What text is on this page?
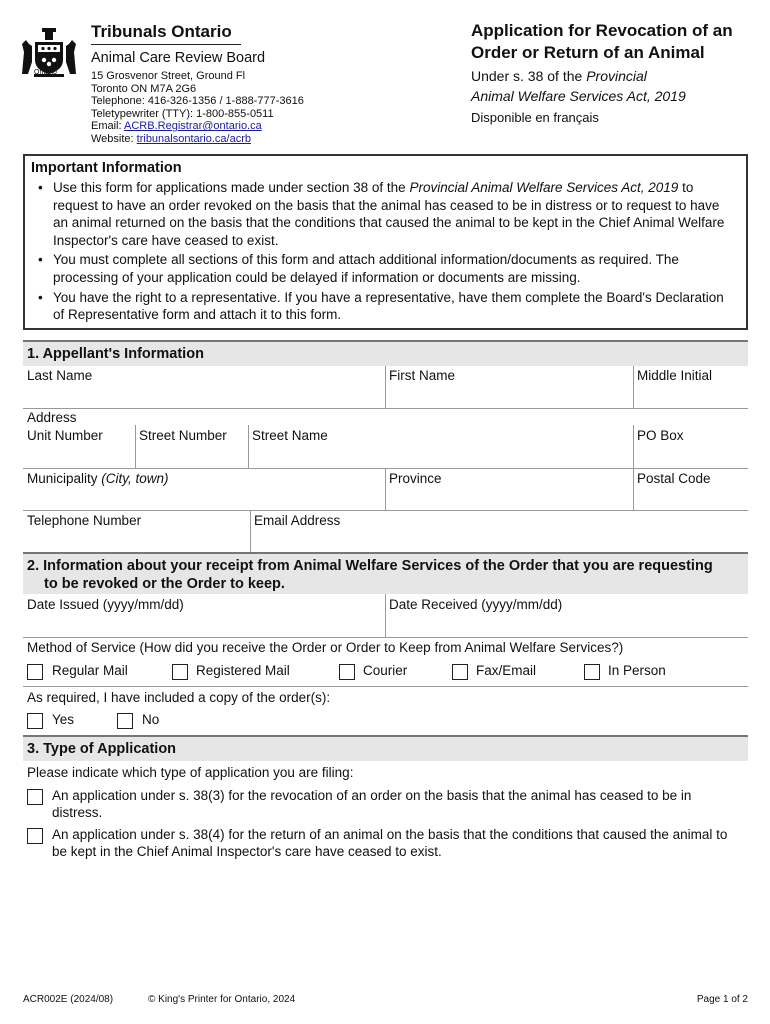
Ontario
Tribunals Ontario
Animal Care Review Board
15 Grosvenor Street, Ground Fl
Toronto ON M7A 2G6
Telephone: 416-326-1356 / 1-888-777-3616
Teletypewriter (TTY): 1-800-855-0511
Email: ACRB.Registrar@ontario.ca
Website: tribunalsontario.ca/acrb
Application for Revocation of an
Order or Return of an Animal
Under s. 38 of the Provincial
Animal Welfare Services Act, 2019
Disponible en français
Important Information
• Use this form for applications made under section 38 of the Provincial Animal Welfare Services Act, 2019 to request to have an order revoked on the basis that the animal has ceased to be in distress or to request to have an animal returned on the basis that the conditions that caused the animal to be kept in the Chief Animal Welfare Inspector's care have ceased to exist.
• You must complete all sections of this form and attach additional information/documents as required. The processing of your application could be delayed if information or documents are missing.
• You have the right to a representative. If you have a representative, have them complete the Board's Declaration of Representative form and attach it to this form.
1. Appellant's Information
Last Name	First Name	Middle Initial
Address
Unit Number	Street Number	Street Name	PO Box
Municipality (City, town)	Province	Postal Code
Telephone Number	Email Address
2. Information about your receipt from Animal Welfare Services of the Order that you are requesting
to be revoked or the Order to keep.
Date Issued (yyyy/mm/dd)	Date Received (yyyy/mm/dd)
Method of Service (How did you receive the Order or Order to Keep from Animal Welfare Services?)
Regular Mail	Registered Mail	Courier	Fax/Email	In Person
As required, I have included a copy of the order(s):
Yes	No
3. Type of Application
Please indicate which type of application you are filing:
An application under s. 38(3) for the revocation of an order on the basis that the animal has ceased to be in distress.
An application under s. 38(4) for the return of an animal on the basis that the conditions that caused the animal to be kept in the Chief Animal Inspector's care have ceased to exist.
ACR002E (2024/08)	© King's Printer for Ontario, 2024	Page 1 of 2
